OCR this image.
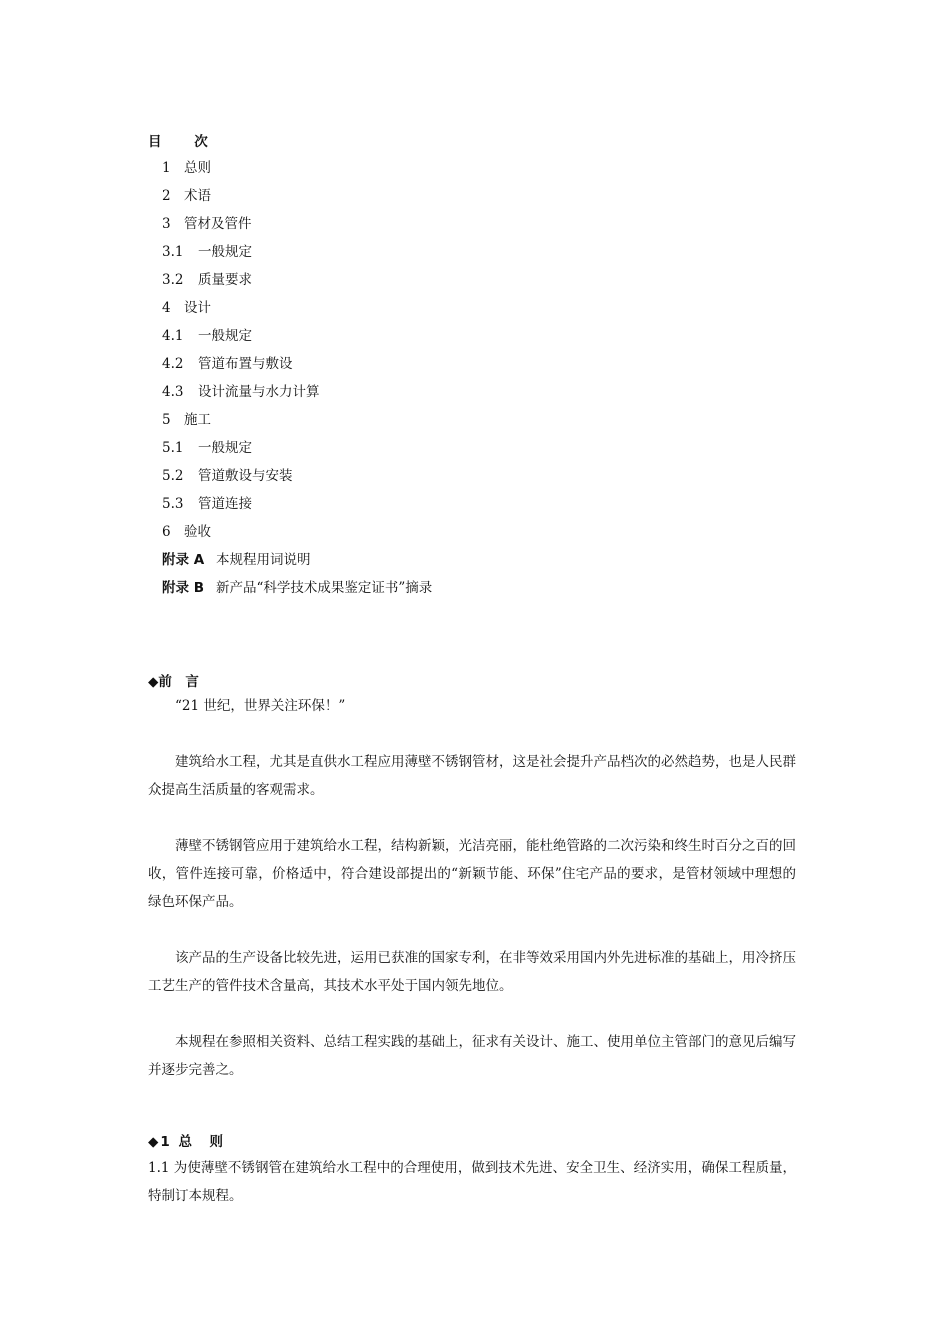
目 次
1 总则
2 术语
3 管材及管件
3.1 一般规定
3.2 质量要求
4 设计
4.1 一般规定
4.2 管道布置与敷设
4.3 设计流量与水力计算
5 施工
5.1 一般规定
5.2 管道敷设与安装
5.3 管道连接
6 验收
附录 A 本规程用词说明
附录 B 新产品“科学技术成果鉴定证书”摘录
◆前　言

“21 世纪，世界关注环保！”

建筑给水工程，尤其是直供水工程应用薄壁不锈钢管材，这是社会提升产品档次的必然趋势，也是人民群众提高生活质量的客观需求。

薄壁不锈钢管应用于建筑给水工程，结构新颖，光洁亮丽，能杜绝管路的二次污染和终生时百分之百的回收，管件连接可靠，价格适中，符合建设部提出的“新颖节能、环保”住宅产品的要求，是管材领域中理想的绿色环保产品。

该产品的生产设备比较先进，运用已获准的国家专利，在非等效采用国内外先进标准的基础上，用冷挤压工艺生产的管件技术含量高，其技术水平处于国内领先地位。

本规程在参照相关资料、总结工程实践的基础上，征求有关设计、施工、使用单位主管部门的意见后编写并逐步完善之。

◆1 总　则

1.1 为使薄壁不锈钢管在建筑给水工程中的合理使用，做到技术先进、安全卫生、经济实用，确保工程质量，特制订本规程。
